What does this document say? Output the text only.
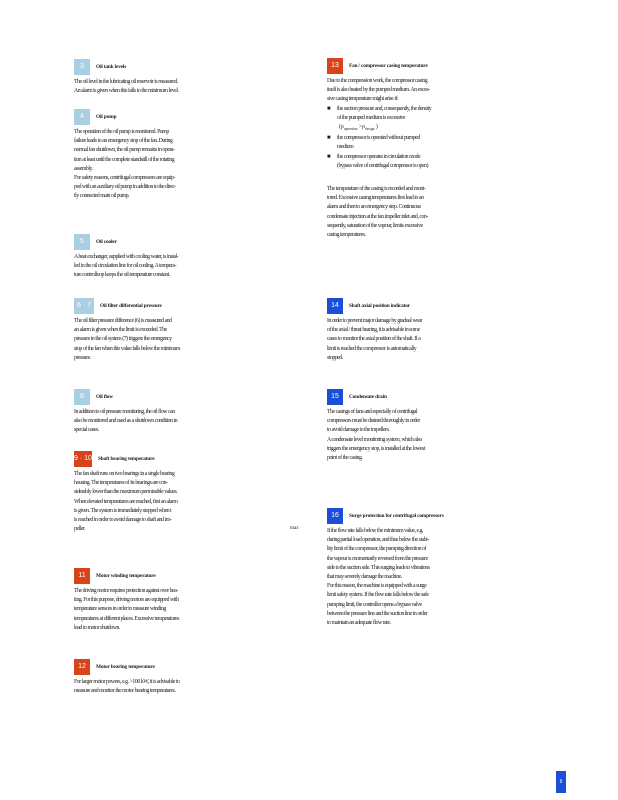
3	Oil tank levels
The oil level in the lubricating oil reservoir is measured.
An alarm is given when this falls to the minimum level.
4	Oil pump
The operation of the oil pump is monitored. Pump
failure leads to an emergency stop of the fan. During
normal fan shutdown, the oil pump remains in opera-
tion at least until the complete standstill of the rotating
assembly.
For safety reasons, centrifugal compressors are equip-
ped with an auxiliary oil pump in addition to the direc-
tly connected main oil pump.
5	Oil cooler
A heat exchanger, supplied with cooling water, is instal-
led in the oil circulation line for oil cooling. A tempera-
ture controlloop keeps the oil temperature constant.
6 · 7	Oil filter differential pressure
The oil filter pressure difference (6) is measured and
an alarm is given when the limit is exceeded. The
pressure in the oil system (7) triggers the emergency
stop of the fan when this value falls below the minimum
pressure.
8	Oil flow
In addition to oil pressure monitoring, the oil flow can
also be monitored and used as a shutdown condition in
special cases.
9 · 10 Shaft bearing temperature
The fan shaft runs on two bearings in a single bearing
housing. The temperatures of its bearings are con-
siderably lower than the maximum permissible values.
When elevated temperatures are reached, first an alarm
is given. The system is immediately stopped when t
is reached in order to avoid damage to shaft and im-
peller.	max
11	Motor winding temperature
The driving motor requires protection against over hea-
ting. For this purpose, driving motors are equipped with
temperature sensors in order to measure winding
temperatures at different places. Excessive temperatures
lead to motor shutdown.
12	Motor bearing temperature
For larger motor powers, e.g. >100 kW, it is advisable to
measure and monitor the motor bearing temperatures.
13	Fan / compressor casing temperature
Due to the compression work, the compressor casing
itself is also heated by the pumped medium. An exces-
sive casing temperature might arise if:
■	the suction pressure and, consequently, the density
of the pumped medium is excessive
($\rho_{operation} >\rho_{design}$ )
■	the compressor is operated without pumped
medium
■	the compressor operates in circulation mode
(bypass valve of centrifugal compressor is open)
The temperature of the casing is recorded and moni-
tored. Excessive casing temperatures first lead to an
alarm and then to an emergency stop. Continuous
condensate injection at the fan impeller inlet and, con-
sequently, saturation of the vapour, limits excessive
casing temperatures.
14	Shaft axial position indicator
In order to prevent major damage by gradual wear
of the axial / thrust bearing, it is advisable in some
cases to monitor the axial position of the shaft. If a
limit is reached the compressor is automatically
stopped.
15	Condensate drain
The casings of fans and especially of centrifugal
compressors must be drained thoroughly in order
to avoid damage to the impellers.
A condensate level monitoring system, which also
triggers the emergency stop, is installed at the lowest
point of the casing.
16	Surge protection for centrifugal compressors
If the flow rate falls below the minimum value, e.g.
during partial load operation, and thus below the stabi-
lity limit of the compressor, the pumping direction of
the vapour is momentarily reversed from the pressure
side to the suction side. This surging leads to vibrations
that may severely damage the machine.
For this reason, the machine is equipped with a surge
limit safety system. If the flow rate falls below the safe
pumping limit, the controller opens a bypass valve
between the pressure line and the suction line in order
to maintain an adequate flow rate.
6
